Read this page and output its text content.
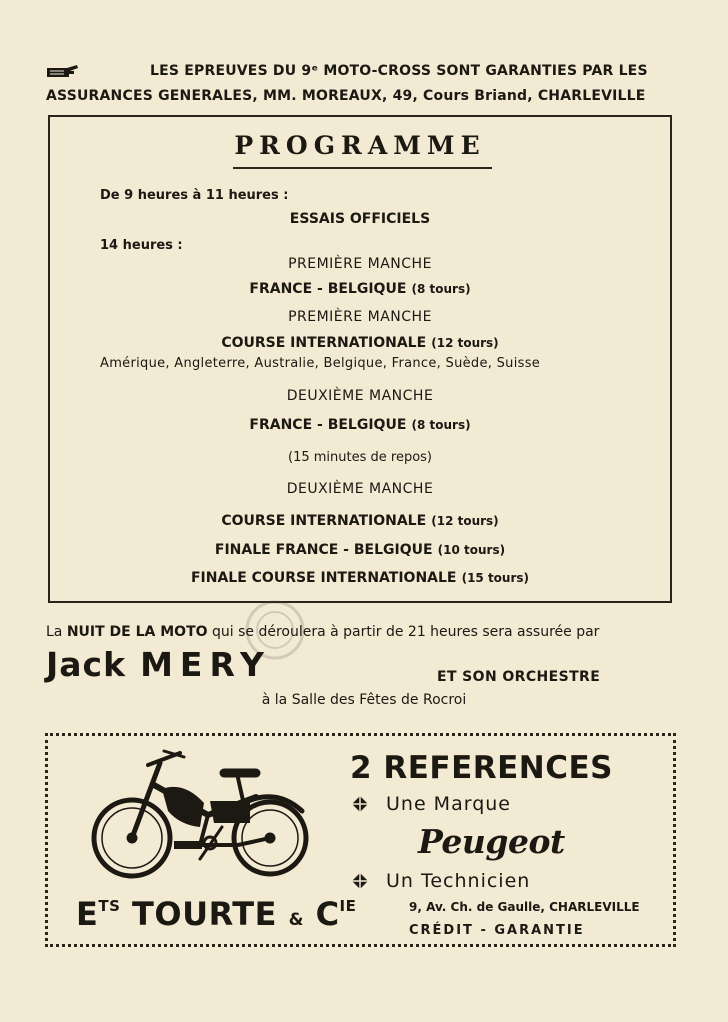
LES EPREUVES DU 9ᵉ MOTO-CROSS SONT GARANTIES PAR LES
ASSURANCES GENERALES, MM. MOREAUX, 49, Cours Briand, CHARLEVILLE
PROGRAMME
De 9 heures à 11 heures :
ESSAIS OFFICIELS
14 heures :
PREMIÈRE MANCHE
FRANCE - BELGIQUE (8 tours)
PREMIÈRE MANCHE
COURSE INTERNATIONALE (12 tours)
Amérique, Angleterre, Australie, Belgique, France, Suède, Suisse
DEUXIÈME MANCHE
FRANCE - BELGIQUE (8 tours)
(15 minutes de repos)
DEUXIÈME MANCHE
COURSE INTERNATIONALE (12 tours)
FINALE FRANCE - BELGIQUE (10 tours)
FINALE COURSE INTERNATIONALE (15 tours)
La NUIT DE LA MOTO qui se déroulera à partir de 21 heures sera assurée par
Jack MERY	ET SON ORCHESTRE
à la Salle des Fêtes de Rocroi
2 REFERENCES
Une Marque
Peugeot
Un Technicien
$E^{TS}$ TOURTE & $C^{IE}$	9, Av. Ch. de Gaulle, CHARLEVILLE
CRÉDIT - GARANTIE
